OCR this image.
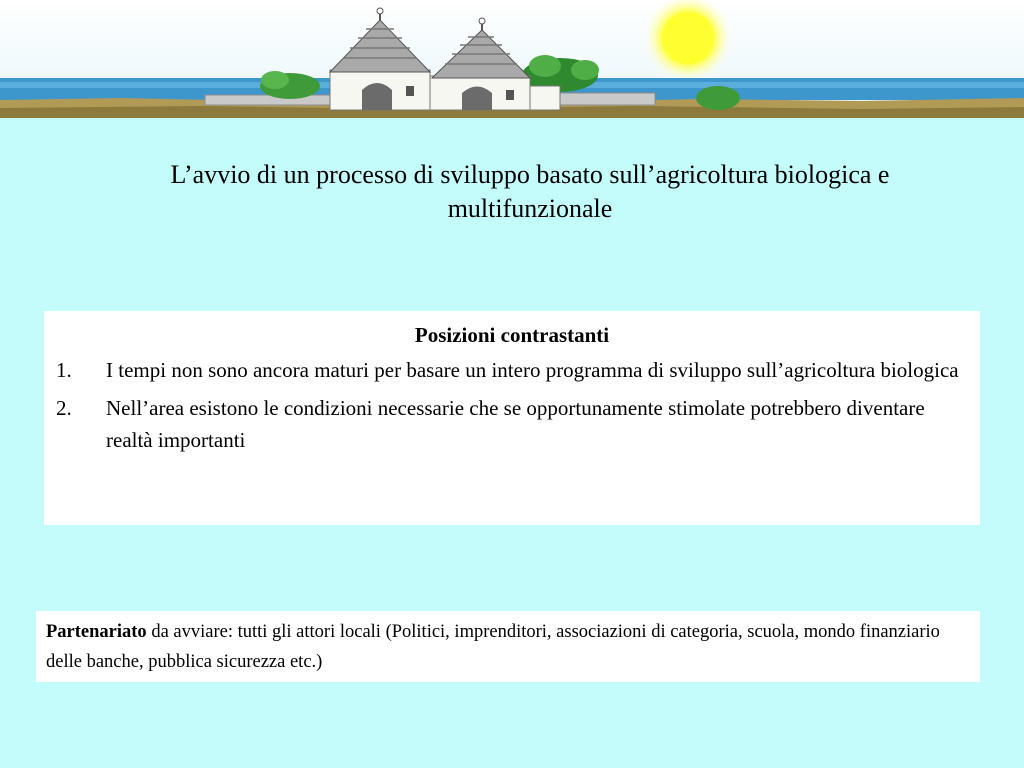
L’avvio di un processo di sviluppo basato sull’agricoltura biologica e multifunzionale
Posizioni contrastanti
1. I tempi non sono ancora maturi per basare un intero programma di sviluppo sull’agricoltura biologica
2. Nell’area esistono le condizioni necessarie che se opportunamente stimolate potrebbero diventare realtà importanti
Partenariato da avviare: tutti gli attori locali (Politici, imprenditori, associazioni di categoria, scuola, mondo finanziario delle banche, pubblica sicurezza etc.)
